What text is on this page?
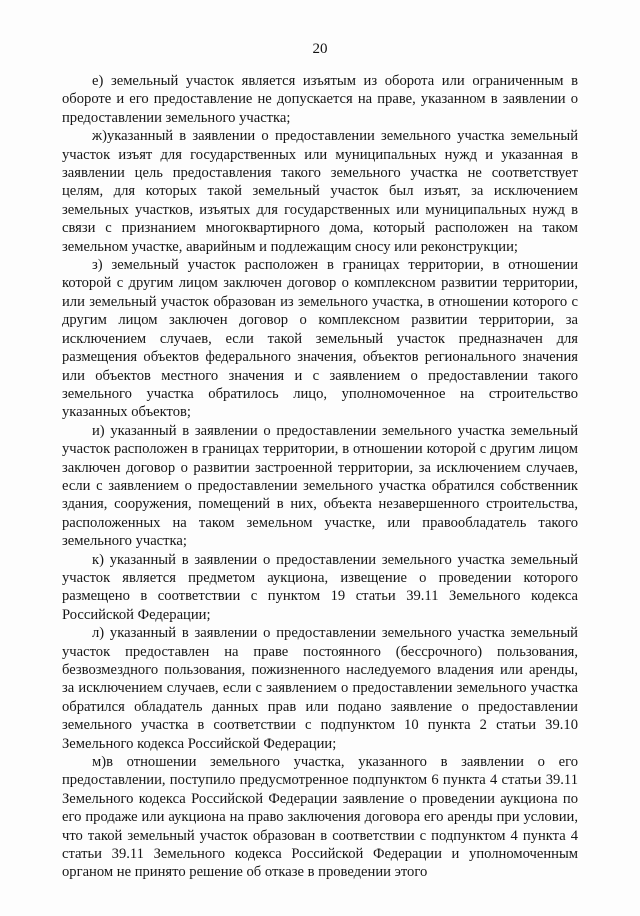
20

е) земельный участок является изъятым из оборота или ограниченным в обороте и его предоставление не допускается на праве, указанном в заявлении о предоставлении земельного участка;

ж)указанный в заявлении о предоставлении земельного участка земельный участок изъят для государственных или муниципальных нужд и указанная в заявлении цель предоставления такого земельного участка не соответствует целям, для которых такой земельный участок был изъят, за исключением земельных участков, изъятых для государственных или муниципальных нужд в связи с признанием многоквартирного дома, который расположен на таком земельном участке, аварийным и подлежащим сносу или реконструкции;

з) земельный участок расположен в границах территории, в отношении которой с другим лицом заключен договор о комплексном развитии территории, или земельный участок образован из земельного участка, в отношении которого с другим лицом заключен договор о комплексном развитии территории, за исключением случаев, если такой земельный участок предназначен для размещения объектов федерального значения, объектов регионального значения или объектов местного значения и с заявлением о предоставлении такого земельного участка обратилось лицо, уполномоченное на строительство указанных объектов;

и) указанный в заявлении о предоставлении земельного участка земельный участок расположен в границах территории, в отношении которой с другим лицом заключен договор о развитии застроенной территории, за исключением случаев, если с заявлением о предоставлении земельного участка обратился собственник здания, сооружения, помещений в них, объекта незавершенного строительства, расположенных на таком земельном участке, или правообладатель такого земельного участка;

к) указанный в заявлении о предоставлении земельного участка земельный участок является предметом аукциона, извещение о проведении которого размещено в соответствии с пунктом 19 статьи 39.11 Земельного кодекса Российской Федерации;

л) указанный в заявлении о предоставлении земельного участка земельный участок предоставлен на праве постоянного (бессрочного) пользования, безвозмездного пользования, пожизненного наследуемого владения или аренды, за исключением случаев, если с заявлением о предоставлении земельного участка обратился обладатель данных прав или подано заявление о предоставлении земельного участка в соответствии с подпунктом 10 пункта 2 статьи 39.10 Земельного кодекса Российской Федерации;

м)в отношении земельного участка, указанного в заявлении о его предоставлении, поступило предусмотренное подпунктом 6 пункта 4 статьи 39.11 Земельного кодекса Российской Федерации заявление о проведении аукциона по его продаже или аукциона на право заключения договора его аренды при условии, что такой земельный участок образован в соответствии с подпунктом 4 пункта 4 статьи 39.11 Земельного кодекса Российской Федерации и уполномоченным органом не принято решение об отказе в проведении этого
